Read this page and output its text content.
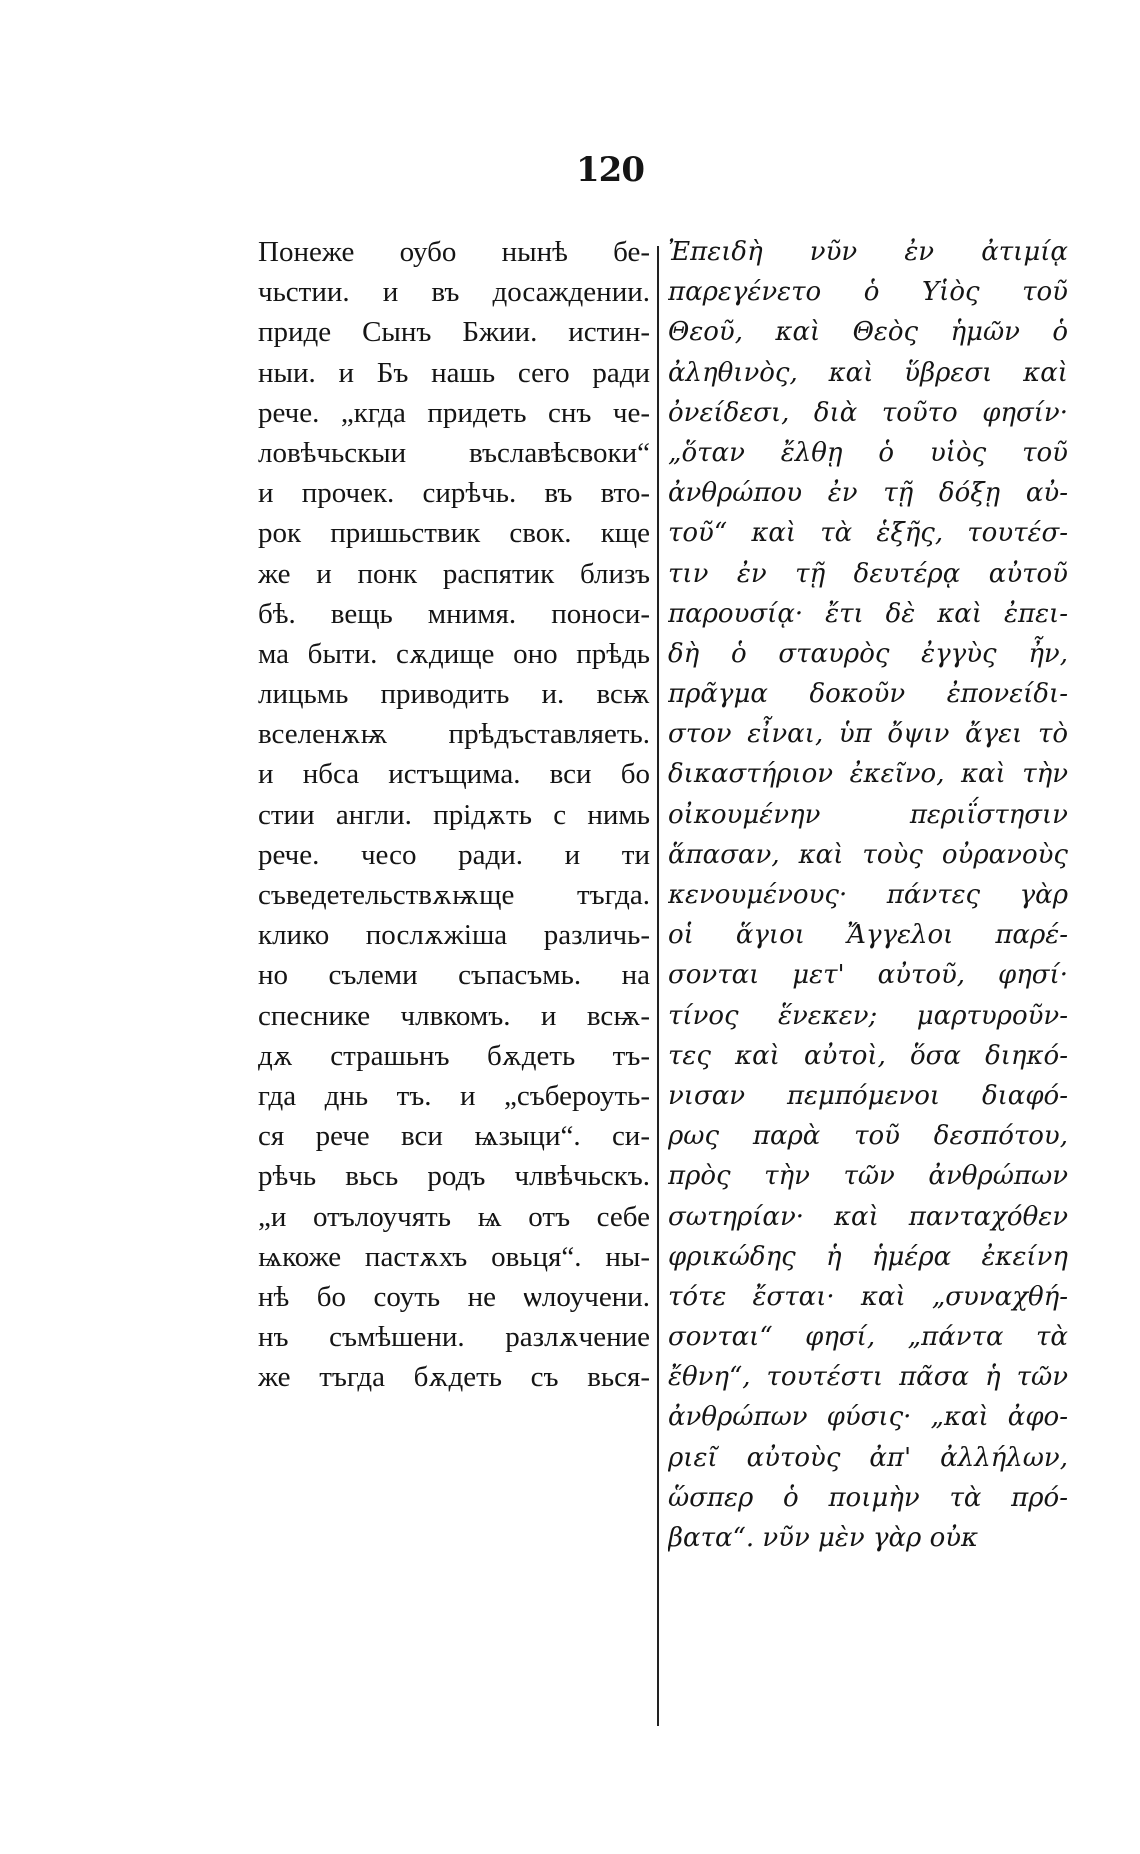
120
Понеже оубо нынѣ бе-
чьстии. и въ досаждении.
приде Сынъ Бжии. истин-
ныи. и Бъ нашь сего ради
рече. „кгда придеть снъ че-
ловѣчьскыи въславѣсвоки“
и прочек. сирѣчь. въ вто-
рок пришьствик свок. кще
же и понк распятик близъ
бѣ. вещь мнимя. поноси-
ма быти. сѫдище оно прѣдь
лицьмь приводить и. всѭ
вселенѫѭ прѣдъставляеть.
и нбса истъщима. вси бо
стии англи. прідѫть с нимь
рече. чесо ради. и ти
съведетельствѫѭще тъгда.
клико послѫжіша различь-
но сълеми съпасъмь. на
спеснике члвкомъ. и всѭ-
дѫ страшьнъ бѫдеть тъ-
гда днь тъ. и „събероуть-
ся рече вси ѩзыци“. си-
рѣчь вьсь родъ члвѣчьскъ.
„и отълоучять ѩ отъ себе
ѩкоже пастѫхъ овьця“. ны-
нѣ бо соуть не ѡлоучени.
нъ съмѣшени. разлѫчение
же тъгда бѫдеть съ вься-
Ἐπειδὴ νῦν ἐν ἀτιμίᾳ
παρεγένετο ὁ Υἱὸς τοῦ
Θεοῦ, καὶ Θεὸς ἡμῶν ὁ
ἀληθινὸς, καὶ ὕβρεσι καὶ
ὀνείδεσι, διὰ τοῦτο φησίν·
„ὅταν ἔλθῃ ὁ υἱὸς τοῦ
ἀνθρώπου ἐν τῇ δόξῃ αὐ-
τοῦ“ καὶ τὰ ἑξῆς, τουτέσ-
τιν ἐν τῇ δευτέρᾳ αὐτοῦ
παρουσίᾳ· ἔτι δὲ καὶ ἐπει-
δὴ ὁ σταυρὸς ἐγγὺς ἦν,
πρᾶγμα δοκοῦν ἐπονείδι-
στον εἶναι, ὑπ ὄψιν ἄγει τὸ
δικαστήριον ἐκεῖνο, καὶ τὴν
οἰκουμένην περιΐστησιν
ἅπασαν, καὶ τοὺς οὐρανοὺς
κενουμένους· πάντες γὰρ
οἱ ἅγιοι Ἄγγελοι παρέ-
σονται μετ' αὐτοῦ, φησί·
τίνος ἕνεκεν; μαρτυροῦν-
τες καὶ αὐτοὶ, ὅσα διηκό-
νισαν πεμπόμενοι διαφό-
ρως παρὰ τοῦ δεσπότου,
πρὸς τὴν τῶν ἀνθρώπων
σωτηρίαν· καὶ πανταχόθεν
φρικώδης ἡ ἡμέρα ἐκείνη
τότε ἔσται· καὶ „συναχθή-
σονται“ φησί, „πάντα τὰ
ἔθνη“, τουτέστι πᾶσα ἡ τῶν
ἀνθρώπων φύσις· „καὶ ἀφο-
ριεῖ αὐτοὺς ἀπ' ἀλλήλων,
ὥσπερ ὁ ποιμὴν τὰ πρό-
βατα“. νῦν μὲν γὰρ οὐκ
